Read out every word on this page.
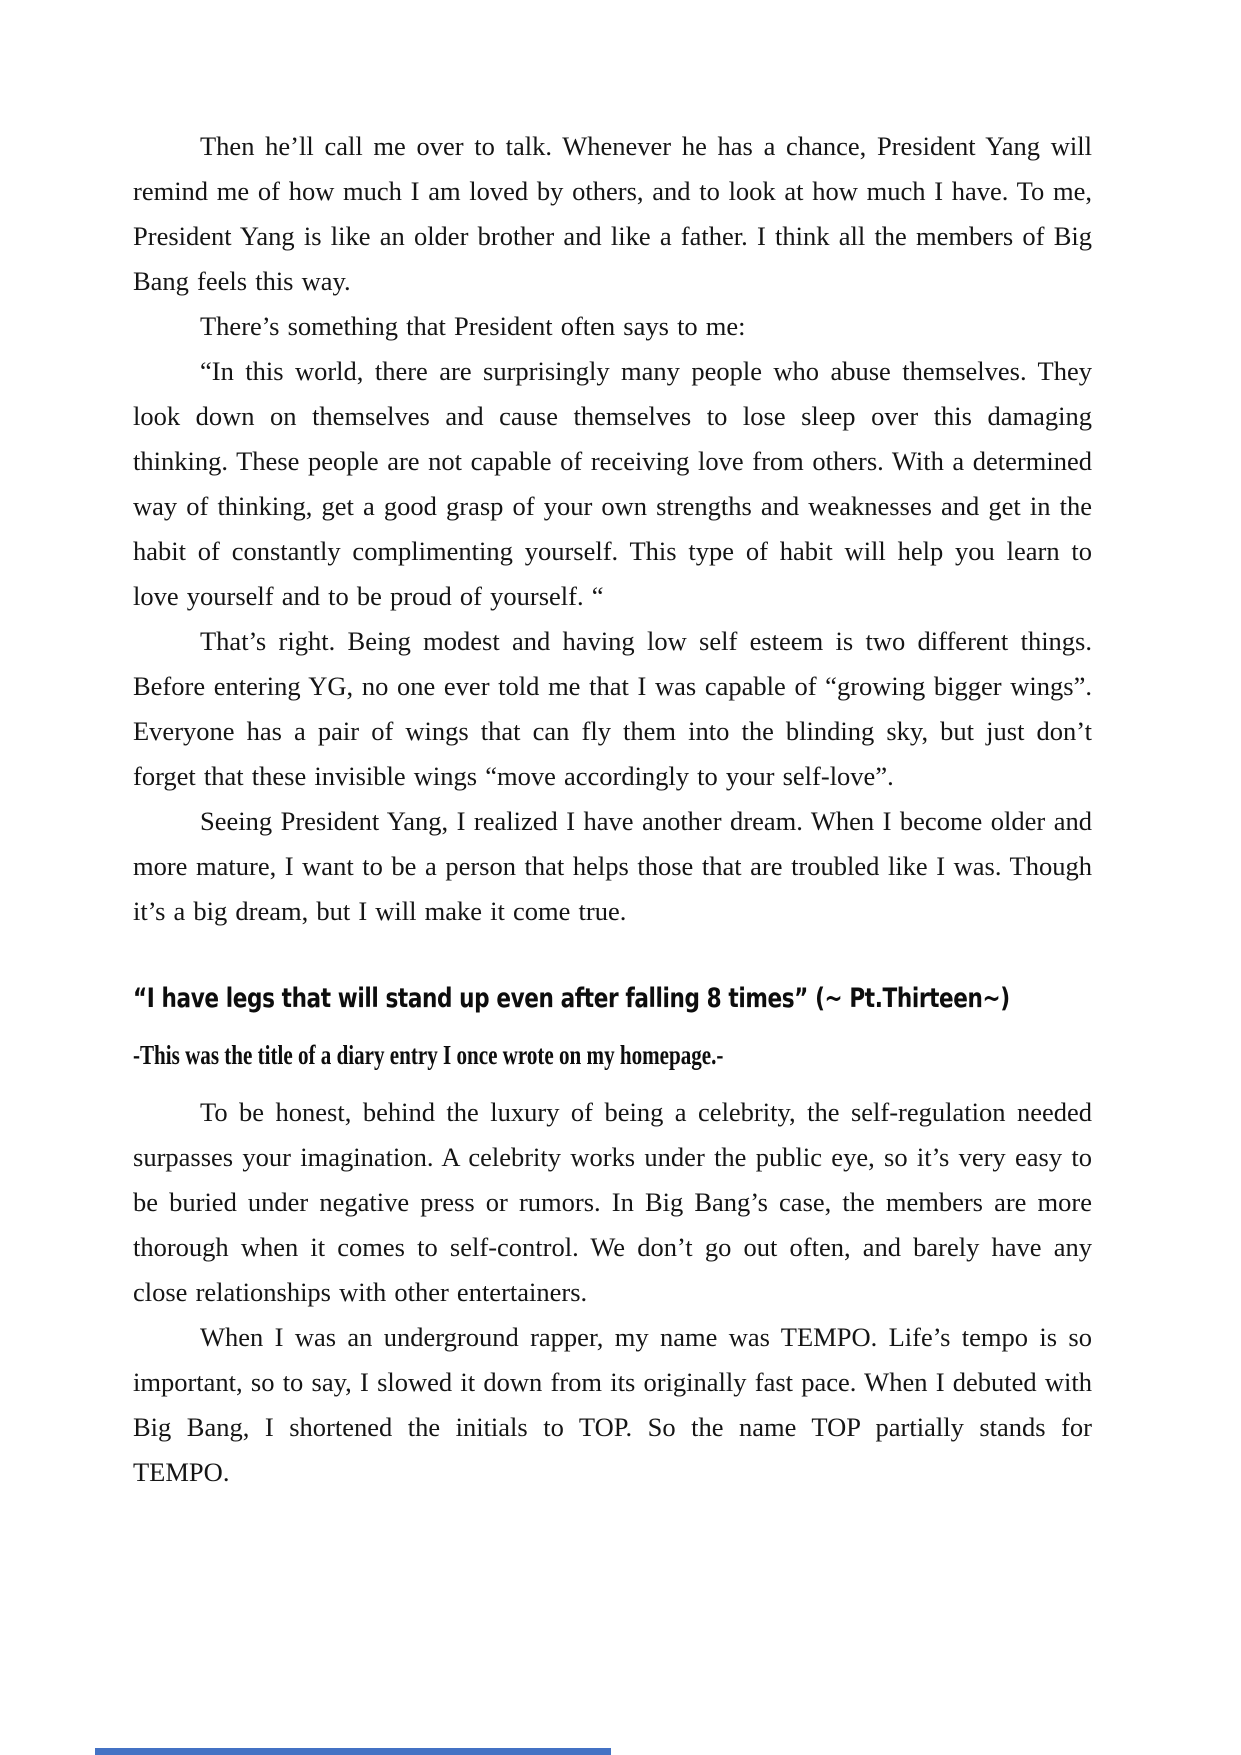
Then he’ll call me over to talk. Whenever he has a chance, President Yang will remind me of how much I am loved by others, and to look at how much I have. To me, President Yang is like an older brother and like a father. I think all the members of Big Bang feels this way.

There’s something that President often says to me:

“In this world, there are surprisingly many people who abuse themselves. They look down on themselves and cause themselves to lose sleep over this damaging thinking. These people are not capable of receiving love from others. With a determined way of thinking, get a good grasp of your own strengths and weaknesses and get in the habit of constantly complimenting yourself. This type of habit will help you learn to love yourself and to be proud of yourself. “

That’s right. Being modest and having low self esteem is two different things. Before entering YG, no one ever told me that I was capable of “growing bigger wings”. Everyone has a pair of wings that can fly them into the blinding sky, but just don’t forget that these invisible wings “move accordingly to your self-love”.

Seeing President Yang, I realized I have another dream. When I become older and more mature, I want to be a person that helps those that are troubled like I was. Though it’s a big dream, but I will make it come true.

“I have legs that will stand up even after falling 8 times” (~ Pt.Thirteen~)
-This was the title of a diary entry I once wrote on my homepage.-

To be honest, behind the luxury of being a celebrity, the self-regulation needed surpasses your imagination. A celebrity works under the public eye, so it’s very easy to be buried under negative press or rumors. In Big Bang’s case, the members are more thorough when it comes to self-control. We don’t go out often, and barely have any close relationships with other entertainers.

When I was an underground rapper, my name was TEMPO. Life’s tempo is so important, so to say, I slowed it down from its originally fast pace. When I debuted with Big Bang, I shortened the initials to TOP. So the name TOP partially stands for TEMPO.
